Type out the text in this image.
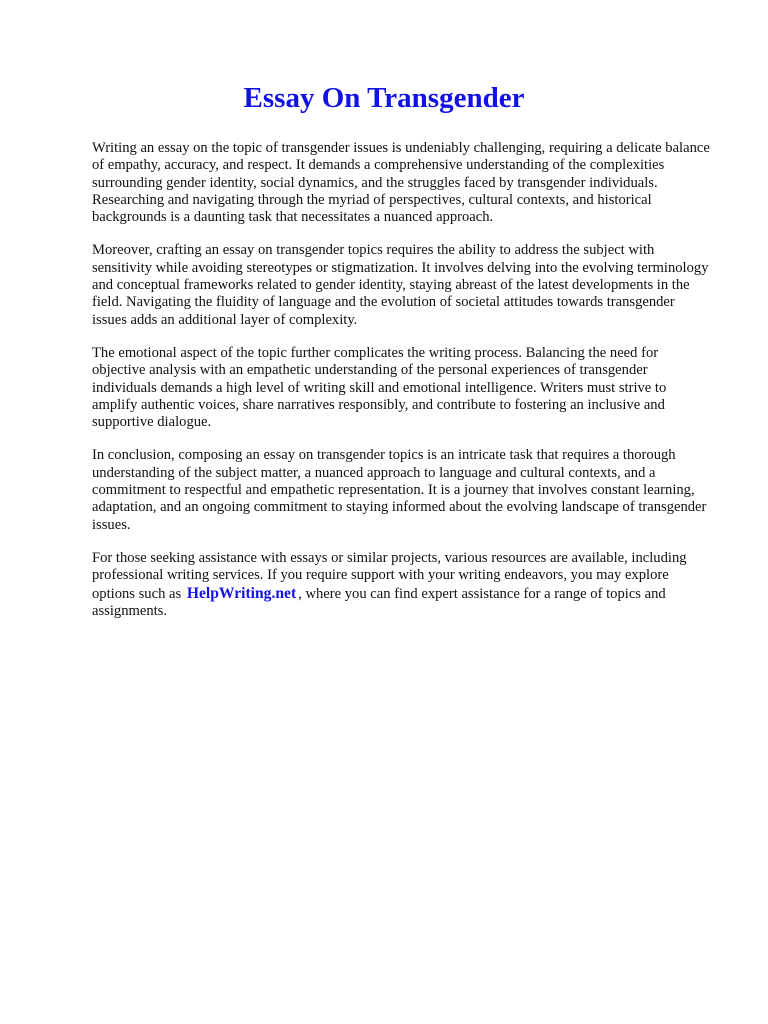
Essay On Transgender

Writing an essay on the topic of transgender issues is undeniably challenging, requiring a delicate balance of empathy, accuracy, and respect. It demands a comprehensive understanding of the complexities surrounding gender identity, social dynamics, and the struggles faced by transgender individuals. Researching and navigating through the myriad of perspectives, cultural contexts, and historical backgrounds is a daunting task that necessitates a nuanced approach.

Moreover, crafting an essay on transgender topics requires the ability to address the subject with sensitivity while avoiding stereotypes or stigmatization. It involves delving into the evolving terminology and conceptual frameworks related to gender identity, staying abreast of the latest developments in the field. Navigating the fluidity of language and the evolution of societal attitudes towards transgender issues adds an additional layer of complexity.

The emotional aspect of the topic further complicates the writing process. Balancing the need for objective analysis with an empathetic understanding of the personal experiences of transgender individuals demands a high level of writing skill and emotional intelligence. Writers must strive to amplify authentic voices, share narratives responsibly, and contribute to fostering an inclusive and supportive dialogue.

In conclusion, composing an essay on transgender topics is an intricate task that requires a thorough understanding of the subject matter, a nuanced approach to language and cultural contexts, and a commitment to respectful and empathetic representation. It is a journey that involves constant learning, adaptation, and an ongoing commitment to staying informed about the evolving landscape of transgender issues.

For those seeking assistance with essays or similar projects, various resources are available, including professional writing services. If you require support with your writing endeavors, you may explore options such as HelpWriting.net , where you can find expert assistance for a range of topics and assignments.
